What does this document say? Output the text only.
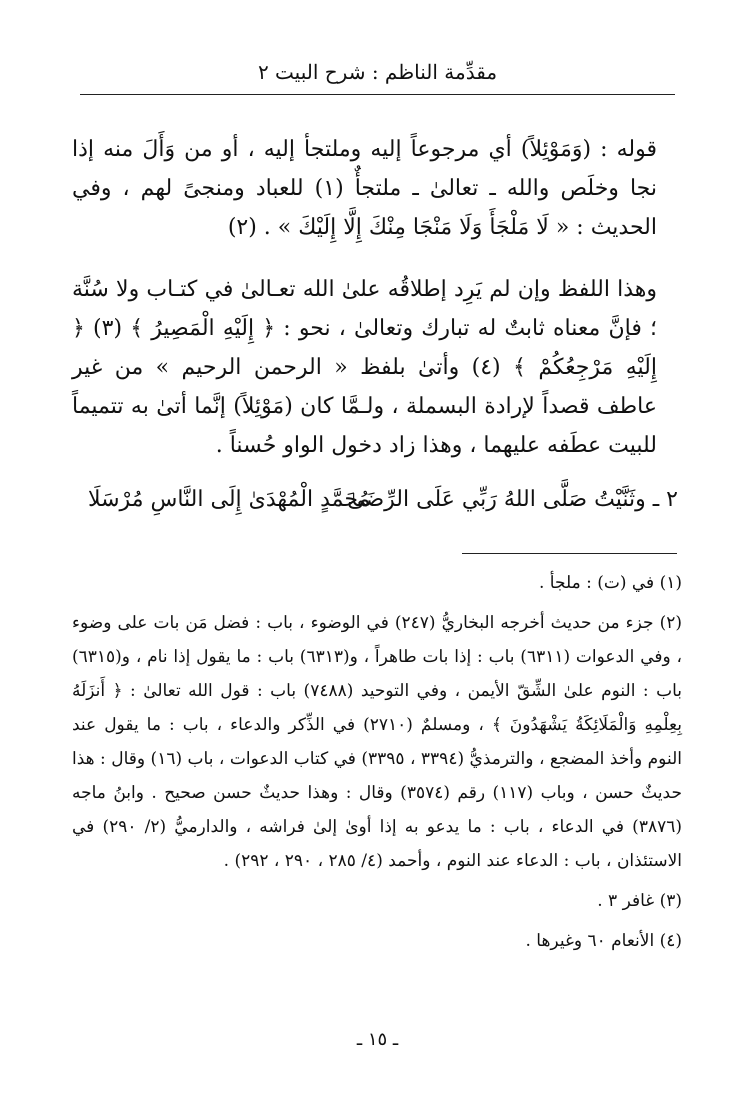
مقدِّمة الناظم : شرح البيت ٢

قوله : (وَمَوْئِلاً) أي مرجوعاً إليه وملتجأ إليه ، أو من وَأَلَ منه إذا نجا وخلَص والله ـ تعالىٰ ـ ملتجأٌ (١) للعباد ومنجىً لهم ، وفي الحديث : « لَا مَلْجَأَ وَلَا مَنْجَا مِنْكَ إِلَّا إِلَيْكَ » . (٢)

وهذا اللفظ وإن لم يَرِد إطلاقُه علىٰ الله تعـالىٰ في كتـاب ولا سُنَّة ؛ فإنَّ معناه ثابتٌ له تبارك وتعالىٰ ، نحو : ﴿ إِلَيْهِ الْمَصِيرُ ﴾ (٣) ﴿ إِلَيْهِ مَرْجِعُكُمْ ﴾ (٤) وأتىٰ بلفظ « الرحمن الرحيم » من غير عاطف قصداً لإرادة البسملة ، ولـمَّا كان (مَوْئِلاً) إنَّما أتىٰ به تتميماً للبيت عطَفه عليهما ، وهذا زاد دخول الواو حُسناً .

٢ ـ وثَنَّيْتُ صَلَّى اللهُ رَبِّي عَلَى الرِّضَىٰ
مُحَمَّدٍ الْمُهْدَىٰ إِلَى النَّاسِ مُرْسَلَا

(١) في (ت) : ملجأ .

(٢) جزء من حديث أخرجه البخاريُّ (٢٤٧) في الوضوء ، باب : فضل مَن بات على وضوء ، وفي الدعوات (٦٣١١) باب : إذا بات طاهراً ، و(٦٣١٣) باب : ما يقول إذا نام ، و(٦٣١٥) باب : النوم علىٰ الشِّقّ الأيمن ، وفي التوحيد (٧٤٨٨) باب : قول الله تعالىٰ : ﴿ أَنزَلَهُ بِعِلْمِهِ وَالْمَلَائِكَةُ يَشْهَدُونَ ﴾ ، ومسلمٌ (٢٧١٠) في الذِّكر والدعاء ، باب : ما يقول عند النوم وأخذ المضجع ، والترمذيُّ (٣٣٩٤ ، ٣٣٩٥) في كتاب الدعوات ، باب (١٦) وقال : هذا حديثٌ حسن ، وباب (١١٧) رقم (٣٥٧٤) وقال : وهذا حديثٌ حسن صحيح . وابنُ ماجه (٣٨٧٦) في الدعاء ، باب : ما يدعو به إذا أوىٰ إلىٰ فراشه ، والدارميُّ (٢/ ٢٩٠) في الاستئذان ، باب : الدعاء عند النوم ، وأحمد (٤/ ٢٨٥ ، ٢٩٠ ، ٢٩٢) .

(٣) غافر ٣ .

(٤) الأنعام ٦٠ وغيرها .

ـ ١٥ ـ
